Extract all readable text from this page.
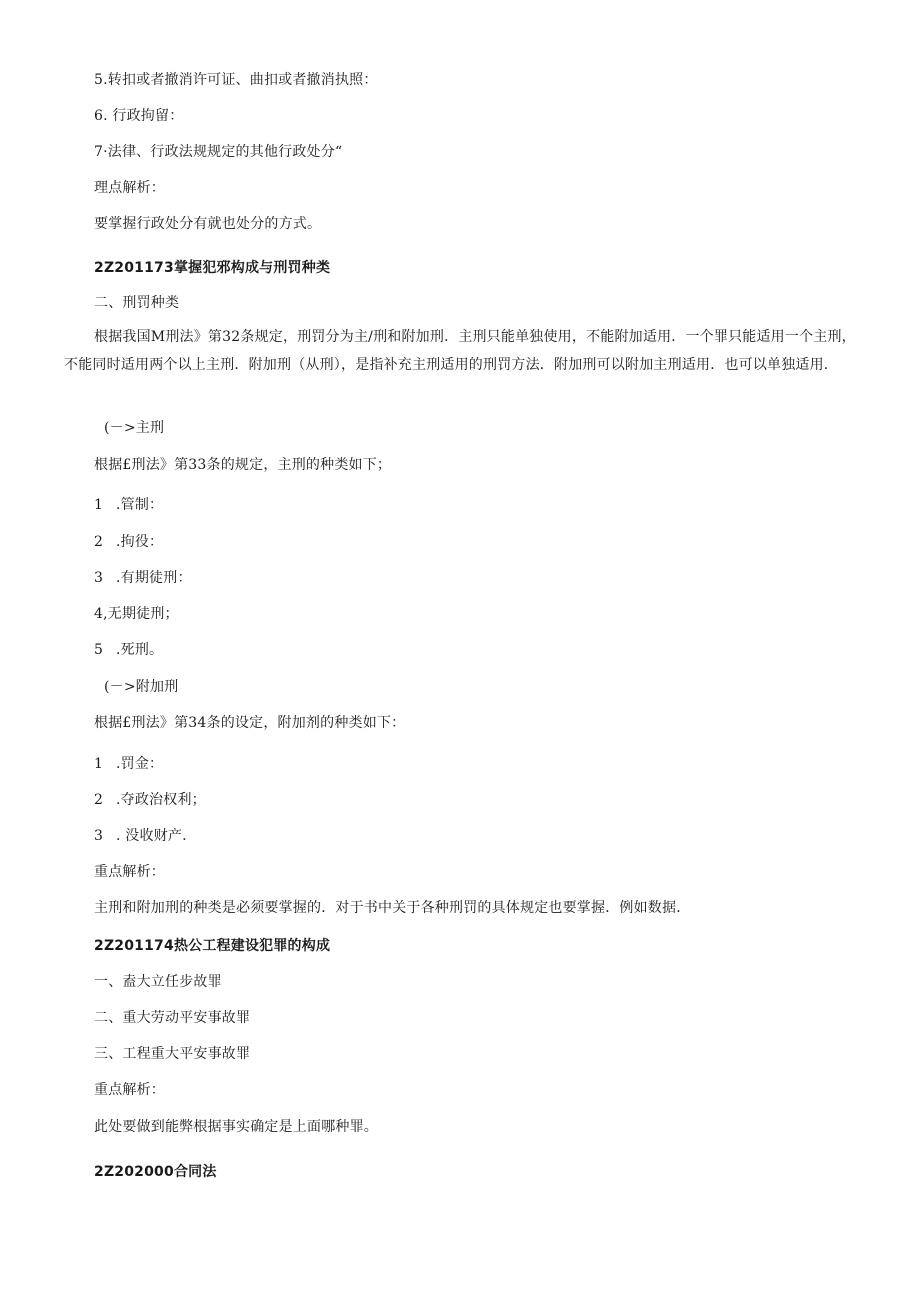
5.转扣或者撤消许可证、曲扣或者撤消执照：
6. 行政拘留：
7·法律、行政法规规定的其他行政处分“
理点解析：
要掌握行政处分有就也处分的方式。
2Z201173掌握犯邪构成与刑罚种类
二、刑罚种类
根据我国M刑法》第32条规定，刑罚分为主/刑和附加刑．主刑只能单独使用，不能附加适用．一个罪只能适用一个主刑，不能同时适用两个以上主刑．附加刑（从刑），是指补充主刑适用的刑罚方法．附加刑可以附加主刑适用．也可以单独适用．
(－>主刑
根据£刑法》第33条的规定，主刑的种类如下；
1 .管制：
2 .拘役：
3 .有期徒刑：
4,无期徒刑；
5 .死刑。
(－>附加刑
根据£刑法》第34条的设定，附加剂的种类如下：
1 .罚金：
2 .夺政治权利；
3 . 没收财产.
重点解析：
主刑和附加刑的种类是必须要掌握的．对于书中关于各种刑罚的具体规定也要掌握．例如数据．
2Z201174热公工程建设犯罪的构成
一、盍大立任步故罪
二、重大劳动平安事故罪
三、工程重大平安事故罪
重点解析：
此处要做到能弊根据事实确定是上面哪种罪。
2Z202000合同法
